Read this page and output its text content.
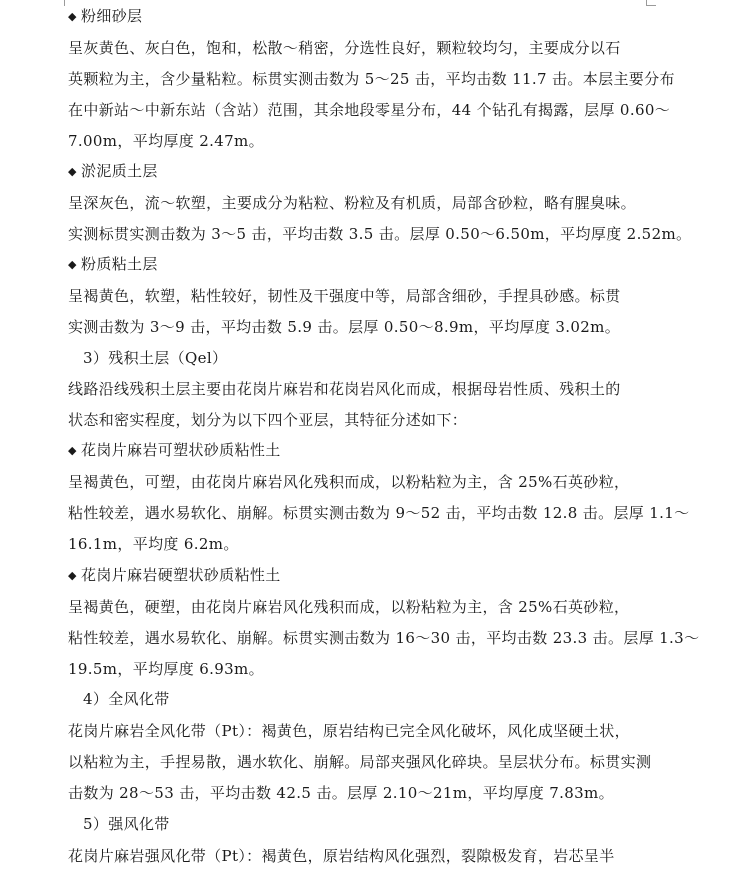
◆ 粉细砂层
呈灰黄色、灰白色，饱和，松散～稍密，分选性良好，颗粒较均匀，主要成分以石
英颗粒为主，含少量粘粒。标贯实测击数为 5～25 击，平均击数 11.7 击。本层主要分布
在中新站～中新东站（含站）范围，其余地段零星分布，44 个钻孔有揭露，层厚 0.60～
7.00m，平均厚度 2.47m。
◆ 淤泥质土层
呈深灰色，流～软塑，主要成分为粘粒、粉粒及有机质，局部含砂粒，略有腥臭味。
实测标贯实测击数为 3～5 击，平均击数 3.5 击。层厚 0.50～6.50m，平均厚度 2.52m。
◆ 粉质粘土层
呈褐黄色，软塑，粘性较好，韧性及干强度中等，局部含细砂，手捏具砂感。标贯
实测击数为 3～9 击，平均击数 5.9 击。层厚 0.50～8.9m，平均厚度 3.02m。
3）残积土层（Qel）
线路沿线残积土层主要由花岗片麻岩和花岗岩风化而成，根据母岩性质、残积土的
状态和密实程度，划分为以下四个亚层，其特征分述如下：
◆ 花岗片麻岩可塑状砂质粘性土
呈褐黄色，可塑，由花岗片麻岩风化残积而成，以粉粘粒为主，含 25%石英砂粒，
粘性较差，遇水易软化、崩解。标贯实测击数为 9～52 击，平均击数 12.8 击。层厚 1.1～
16.1m，平均度 6.2m。
◆ 花岗片麻岩硬塑状砂质粘性土
呈褐黄色，硬塑，由花岗片麻岩风化残积而成，以粉粘粒为主，含 25%石英砂粒，
粘性较差，遇水易软化、崩解。标贯实测击数为 16～30 击，平均击数 23.3 击。层厚 1.3～
19.5m，平均厚度 6.93m。
4）全风化带
花岗片麻岩全风化带（Pt）：褐黄色，原岩结构已完全风化破坏，风化成坚硬土状，
以粘粒为主，手捏易散，遇水软化、崩解。局部夹强风化碎块。呈层状分布。标贯实测
击数为 28～53 击，平均击数 42.5 击。层厚 2.10～21m，平均厚度 7.83m。
5）强风化带
花岗片麻岩强风化带（Pt）：褐黄色，原岩结构风化强烈，裂隙极发育，岩芯呈半
